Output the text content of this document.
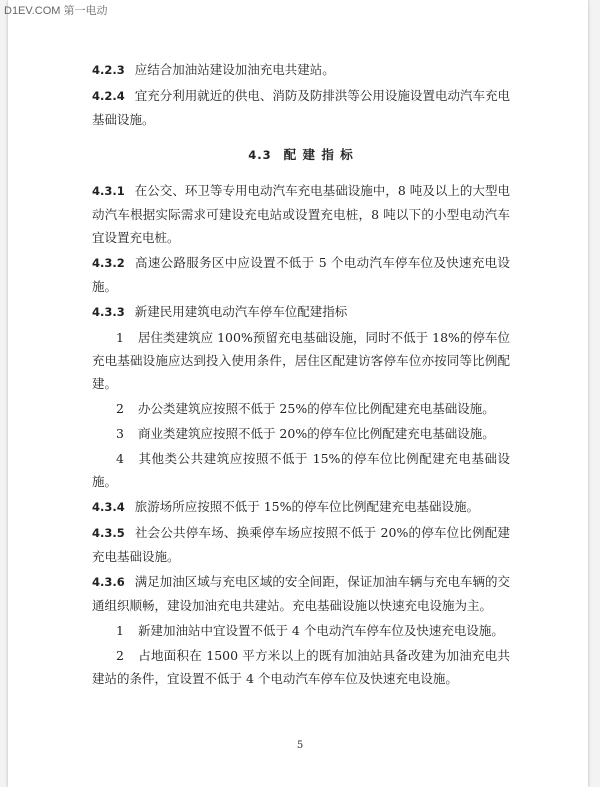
D1EV.COM 第一电动

4.2.3 应结合加油站建设加油充电共建站。

4.2.4 宜充分利用就近的供电、消防及防排洪等公用设施设置电动汽车充电基础设施。

4.3 配 建 指 标

4.3.1 在公交、环卫等专用电动汽车充电基础设施中，8 吨及以上的大型电动汽车根据实际需求可建设充电站或设置充电桩，8 吨以下的小型电动汽车宜设置充电桩。

4.3.2 高速公路服务区中应设置不低于 5 个电动汽车停车位及快速充电设施。

4.3.3 新建民用建筑电动汽车停车位配建指标

1 居住类建筑应 100%预留充电基础设施，同时不低于 18%的停车位充电基础设施应达到投入使用条件，居住区配建访客停车位亦按同等比例配建。

2 办公类建筑应按照不低于 25%的停车位比例配建充电基础设施。

3 商业类建筑应按照不低于 20%的停车位比例配建充电基础设施。

4 其他类公共建筑应按照不低于 15%的停车位比例配建充电基础设施。

4.3.4 旅游场所应按照不低于 15%的停车位比例配建充电基础设施。

4.3.5 社会公共停车场、换乘停车场应按照不低于 20%的停车位比例配建充电基础设施。

4.3.6 满足加油区域与充电区域的安全间距，保证加油车辆与充电车辆的交通组织顺畅，建设加油充电共建站。充电基础设施以快速充电设施为主。

1 新建加油站中宜设置不低于 4 个电动汽车停车位及快速充电设施。

2 占地面积在 1500 平方米以上的既有加油站具备改建为加油充电共建站的条件，宜设置不低于 4 个电动汽车停车位及快速充电设施。

5
